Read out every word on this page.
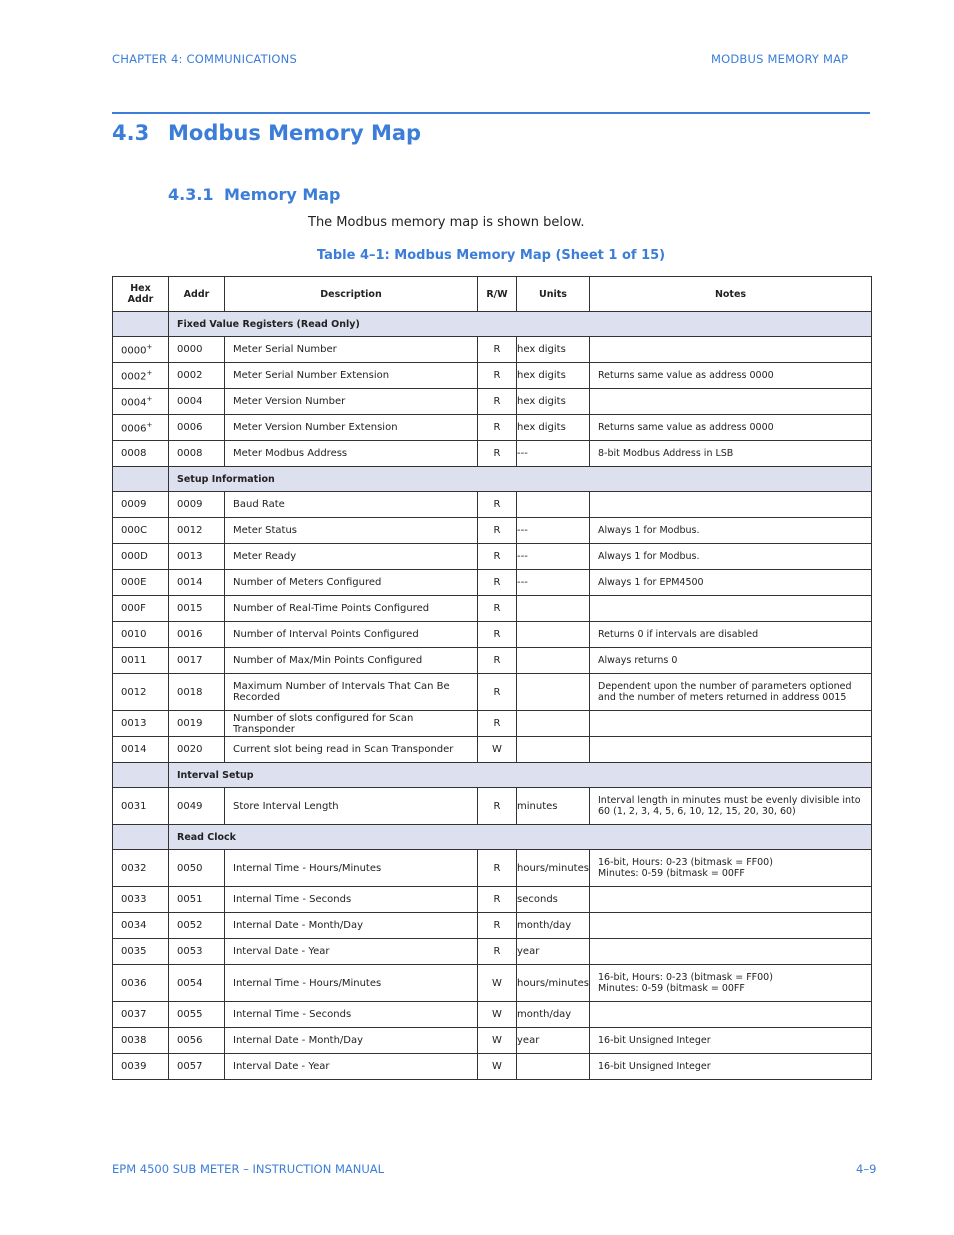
CHAPTER 4: COMMUNICATIONS	MODBUS MEMORY MAP
4.3 Modbus Memory Map
4.3.1 Memory Map
The Modbus memory map is shown below.
Table 4–1: Modbus Memory Map (Sheet 1 of 15)
Hex Addr	Addr	Description	R/W	Units	Notes
	Fixed Value Registers (Read Only)				
0000+	0000	Meter Serial Number	R	hex digits	
0002+	0002	Meter Serial Number Extension	R	hex digits	Returns same value as address 0000
0004+	0004	Meter Version Number	R	hex digits	
0006+	0006	Meter Version Number Extension	R	hex digits	Returns same value as address 0000
0008	0008	Meter Modbus Address	R	---	8-bit Modbus Address in LSB
	Setup Information				
0009	0009	Baud Rate	R		
000C	0012	Meter Status	R	---	Always 1 for Modbus.
000D	0013	Meter Ready	R	---	Always 1 for Modbus.
000E	0014	Number of Meters Configured	R	---	Always 1 for EPM4500
000F	0015	Number of Real-Time Points Configured	R		
0010	0016	Number of Interval Points Configured	R		Returns 0 if intervals are disabled
0011	0017	Number of Max/Min Points Configured	R		Always returns 0
0012	0018	Maximum Number of Intervals That Can Be Recorded	R		Dependent upon the number of parameters optioned and the number of meters returned in address 0015
0013	0019	Number of slots configured for Scan Transponder	R		
0014	0020	Current slot being read in Scan Transponder	W		
	Interval Setup				
0031	0049	Store Interval Length	R	minutes	Interval length in minutes must be evenly divisible into 60 (1, 2, 3, 4, 5, 6, 10, 12, 15, 20, 30, 60)
	Read Clock				
0032	0050	Internal Time - Hours/Minutes	R	hours/minutes	16-bit, Hours: 0-23 (bitmask = FF00)
Minutes: 0-59 (bitmask = 00FF
0033	0051	Internal Time - Seconds	R	seconds	
0034	0052	Internal Date - Month/Day	R	month/day	
0035	0053	Interval Date - Year	R	year	
0036	0054	Internal Time - Hours/Minutes	W	hours/minutes	16-bit, Hours: 0-23 (bitmask = FF00)
Minutes: 0-59 (bitmask = 00FF
0037	0055	Internal Time - Seconds	W	month/day	
0038	0056	Internal Date - Month/Day	W	year	16-bit Unsigned Integer
0039	0057	Interval Date - Year	W		16-bit Unsigned Integer
EPM 4500 SUB METER – INSTRUCTION MANUAL	4–9
